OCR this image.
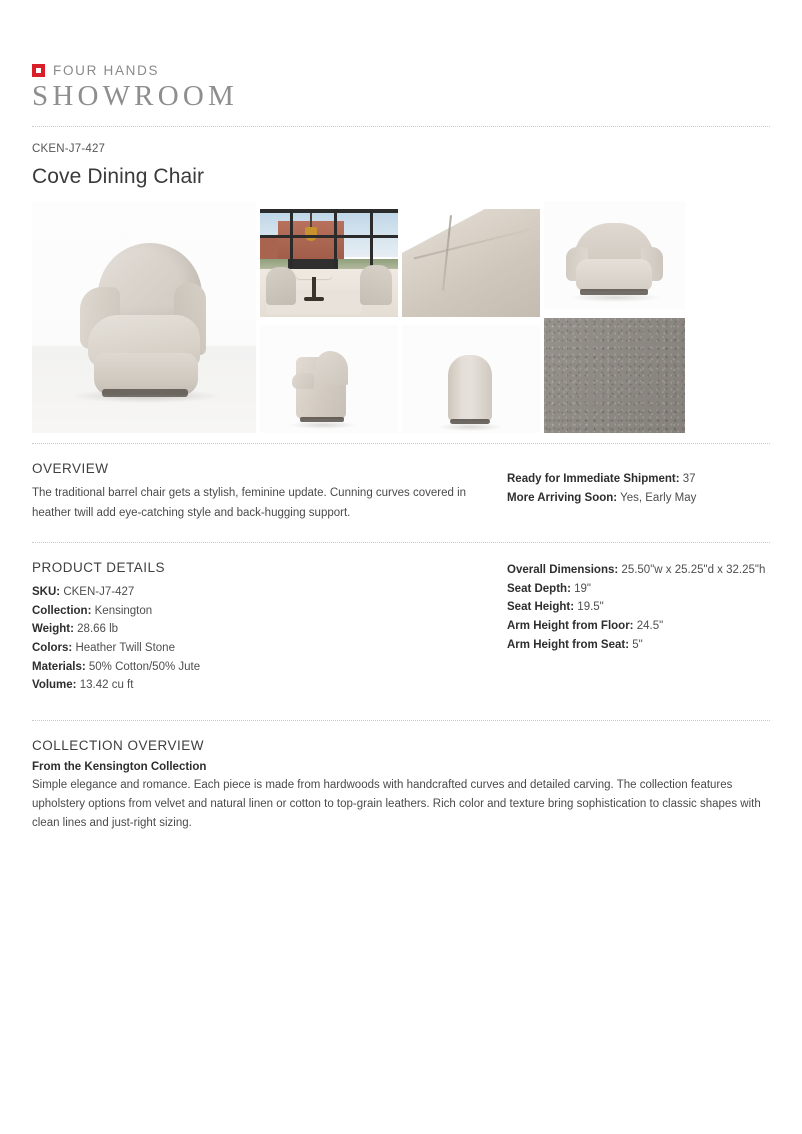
FOUR HANDS
SHOWROOM
CKEN-J7-427
Cove Dining Chair
OVERVIEW

The traditional barrel chair gets a stylish, feminine update. Cunning curves covered in heather twill add eye-catching style and back-hugging support.

Ready for Immediate Shipment: 37
More Arriving Soon: Yes, Early May
PRODUCT DETAILS
SKU: CKEN-J7-427
Collection: Kensington
Weight: 28.66 lb
Colors: Heather Twill Stone
Materials: 50% Cotton/50% Jute
Volume: 13.42 cu ft
Overall Dimensions: 25.50"w x 25.25"d x 32.25"h
Seat Depth: 19"
Seat Height: 19.5"
Arm Height from Floor: 24.5"
Arm Height from Seat: 5"
COLLECTION OVERVIEW

From the Kensington Collection

Simple elegance and romance. Each piece is made from hardwoods with handcrafted curves and detailed carving. The collection features upholstery options from velvet and natural linen or cotton to top-grain leathers. Rich color and texture bring sophistication to classic shapes with clean lines and just-right sizing.
